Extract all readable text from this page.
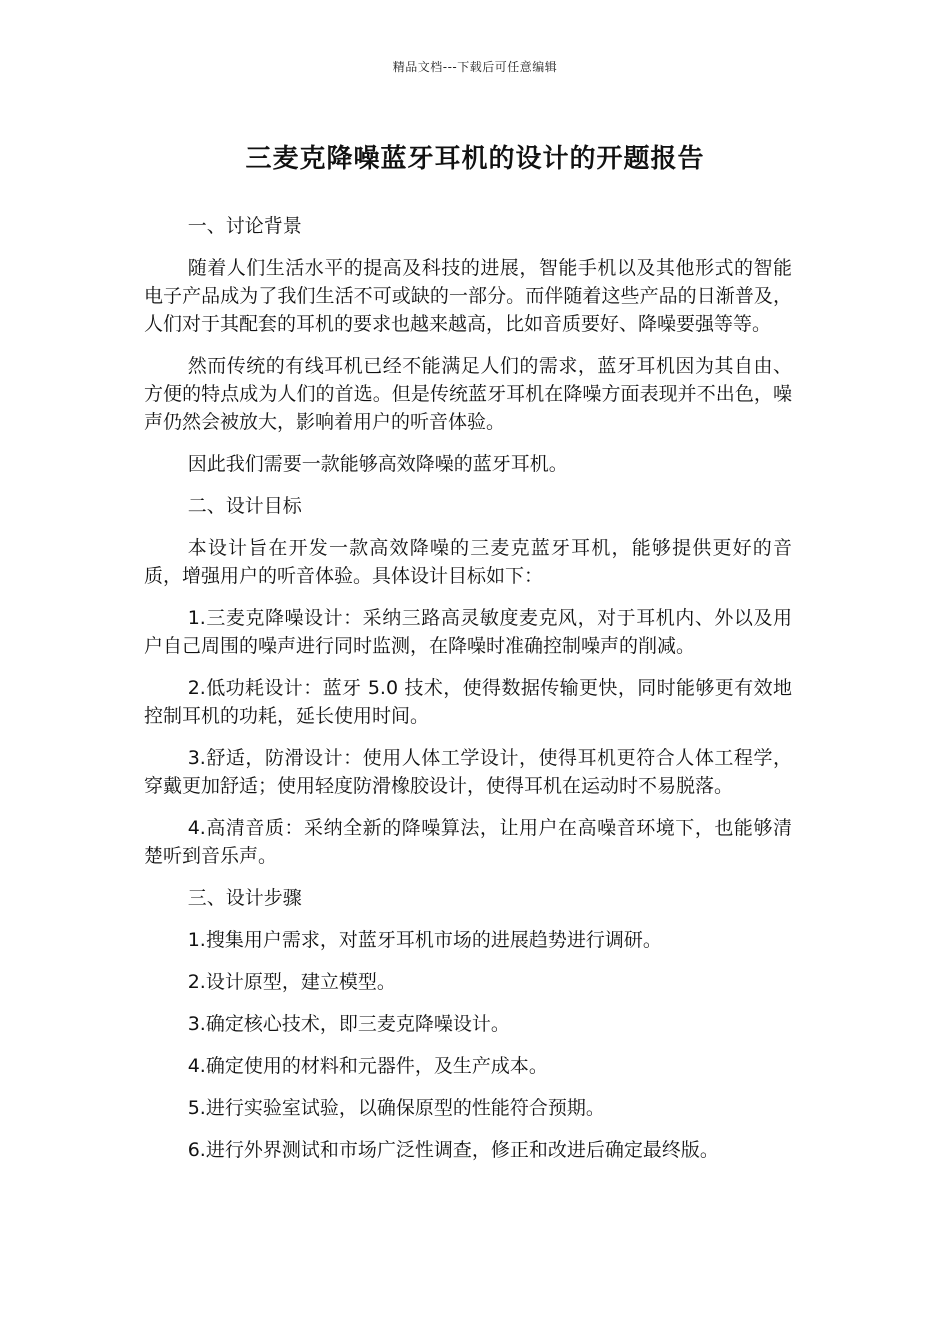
精品文档---下载后可任意编辑
三麦克降噪蓝牙耳机的设计的开题报告

一、讨论背景

随着人们生活水平的提高及科技的进展，智能手机以及其他形式的智能电子产品成为了我们生活不可或缺的一部分。而伴随着这些产品的日渐普及，人们对于其配套的耳机的要求也越来越高，比如音质要好、降噪要强等等。

然而传统的有线耳机已经不能满足人们的需求，蓝牙耳机因为其自由、方便的特点成为人们的首选。但是传统蓝牙耳机在降噪方面表现并不出色，噪声仍然会被放大，影响着用户的听音体验。

因此我们需要一款能够高效降噪的蓝牙耳机。

二、设计目标

本设计旨在开发一款高效降噪的三麦克蓝牙耳机，能够提供更好的音质，增强用户的听音体验。具体设计目标如下：

1.三麦克降噪设计：采纳三路高灵敏度麦克风，对于耳机内、外以及用户自己周围的噪声进行同时监测，在降噪时准确控制噪声的削减。

2.低功耗设计：蓝牙 5.0 技术，使得数据传输更快，同时能够更有效地控制耳机的功耗，延长使用时间。

3.舒适，防滑设计：使用人体工学设计，使得耳机更符合人体工程学，穿戴更加舒适；使用轻度防滑橡胶设计，使得耳机在运动时不易脱落。

4.高清音质：采纳全新的降噪算法，让用户在高噪音环境下，也能够清楚听到音乐声。

三、设计步骤

1.搜集用户需求，对蓝牙耳机市场的进展趋势进行调研。

2.设计原型，建立模型。

3.确定核心技术，即三麦克降噪设计。

4.确定使用的材料和元器件，及生产成本。

5.进行实验室试验，以确保原型的性能符合预期。

6.进行外界测试和市场广泛性调查，修正和改进后确定最终版。
